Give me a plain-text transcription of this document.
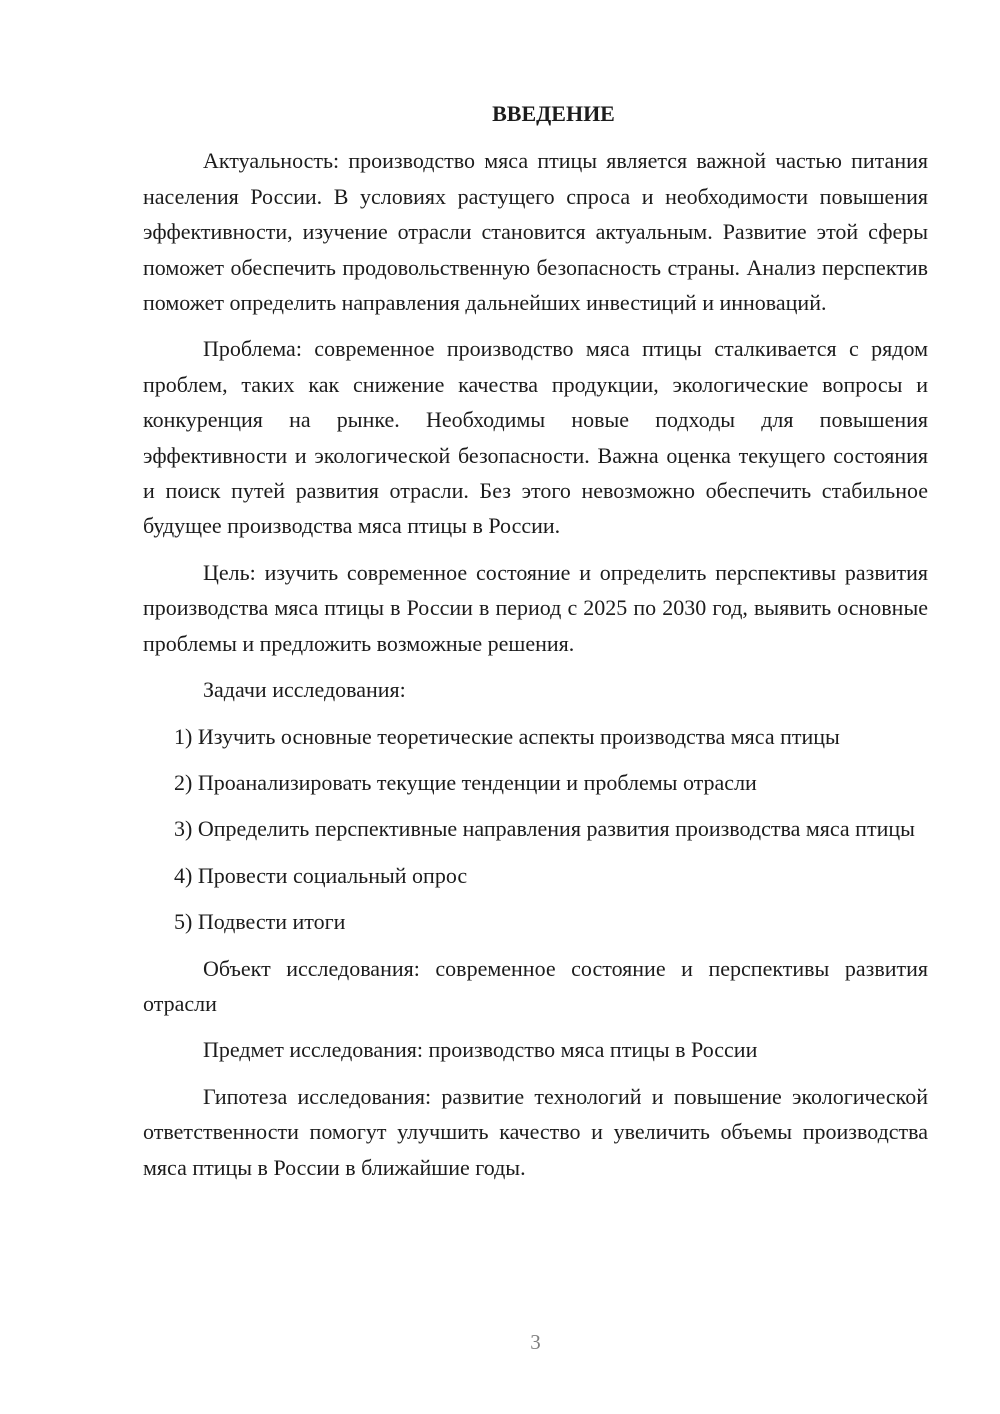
ВВЕДЕНИЕ

Актуальность: производство мяса птицы является важной частью питания населения России. В условиях растущего спроса и необходимости повышения эффективности, изучение отрасли становится актуальным. Развитие этой сферы поможет обеспечить продовольственную безопасность страны. Анализ перспектив поможет определить направления дальнейших инвестиций и инноваций.

Проблема: современное производство мяса птицы сталкивается с рядом проблем, таких как снижение качества продукции, экологические вопросы и конкуренция на рынке. Необходимы новые подходы для повышения эффективности и экологической безопасности. Важна оценка текущего состояния и поиск путей развития отрасли. Без этого невозможно обеспечить стабильное будущее производства мяса птицы в России.

Цель: изучить современное состояние и определить перспективы развития производства мяса птицы в России в период с 2025 по 2030 год, выявить основные проблемы и предложить возможные решения.

Задачи исследования:

1) Изучить основные теоретические аспекты производства мяса птицы

2) Проанализировать текущие тенденции и проблемы отрасли

3) Определить перспективные направления развития производства мяса птицы

4) Провести социальный опрос

5) Подвести итоги

Объект исследования: современное состояние и перспективы развития отрасли

Предмет исследования: производство мяса птицы в России

Гипотеза исследования: развитие технологий и повышение экологической ответственности помогут улучшить качество и увеличить объемы производства мяса птицы в России в ближайшие годы.

3
